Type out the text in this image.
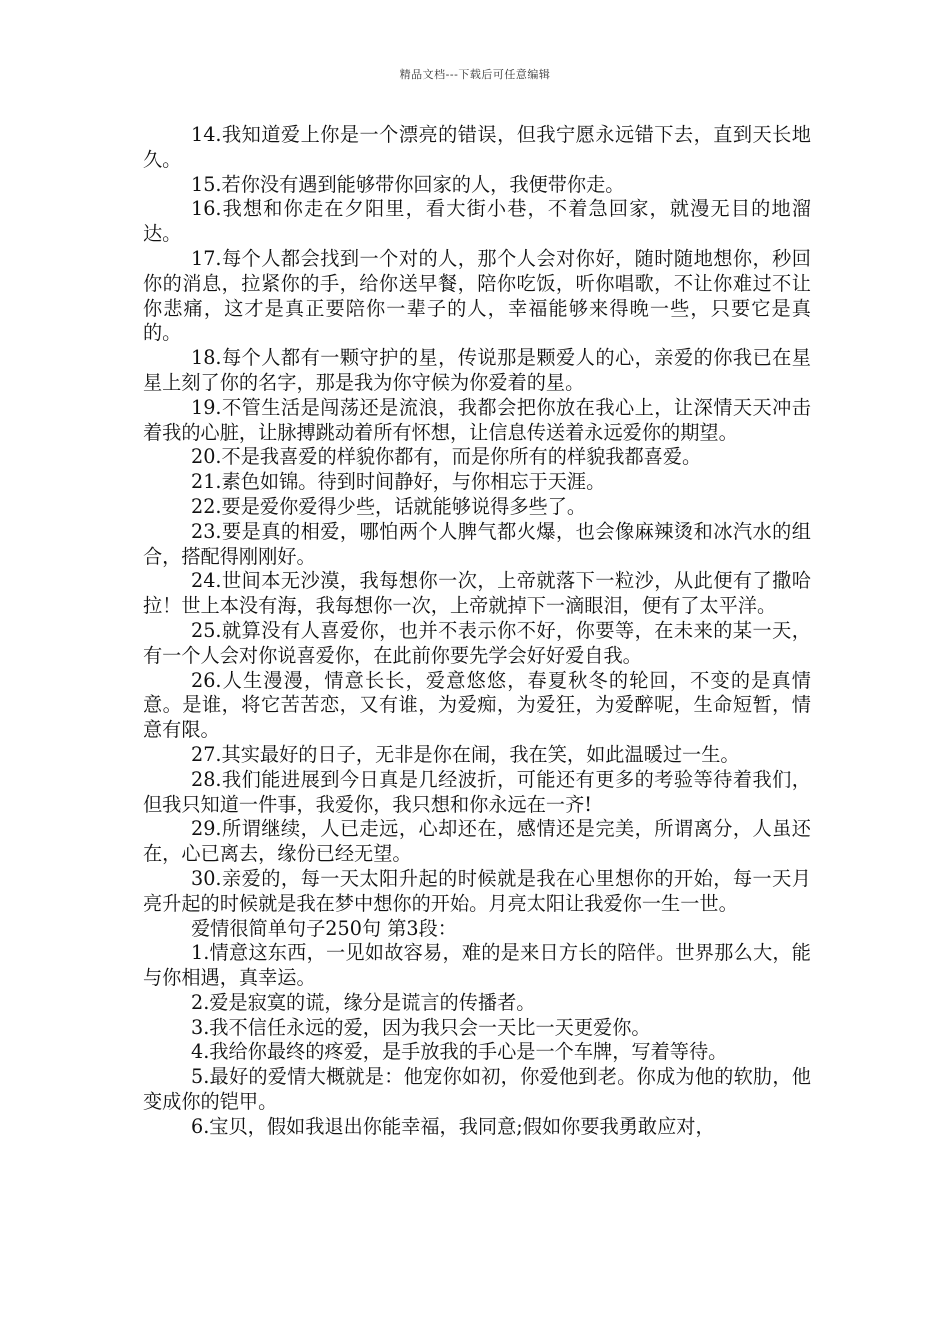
精品文档---下载后可任意编辑

14.我知道爱上你是一个漂亮的错误，但我宁愿永远错下去，直到天长地久。

15.若你没有遇到能够带你回家的人，我便带你走。

16.我想和你走在夕阳里，看大街小巷，不着急回家，就漫无目的地溜达。

17.每个人都会找到一个对的人，那个人会对你好，随时随地想你，秒回你的消息，拉紧你的手，给你送早餐，陪你吃饭，听你唱歌，不让你难过不让你悲痛，这才是真正要陪你一辈子的人，幸福能够来得晚一些，只要它是真的。

18.每个人都有一颗守护的星，传说那是颗爱人的心，亲爱的你我已在星星上刻了你的名字，那是我为你守候为你爱着的星。

19.不管生活是闯荡还是流浪，我都会把你放在我心上，让深情天天冲击着我的心脏，让脉搏跳动着所有怀想，让信息传送着永远爱你的期望。

20.不是我喜爱的样貌你都有，而是你所有的样貌我都喜爱。

21.素色如锦。待到时间静好，与你相忘于天涯。

22.要是爱你爱得少些，话就能够说得多些了。

23.要是真的相爱，哪怕两个人脾气都火爆，也会像麻辣烫和冰汽水的组合，搭配得刚刚好。

24.世间本无沙漠，我每想你一次，上帝就落下一粒沙，从此便有了撒哈拉！世上本没有海，我每想你一次，上帝就掉下一滴眼泪，便有了太平洋。

25.就算没有人喜爱你，也并不表示你不好，你要等，在未来的某一天，有一个人会对你说喜爱你，在此前你要先学会好好爱自我。

26.人生漫漫，情意长长，爱意悠悠，春夏秋冬的轮回，不变的是真情意。是谁，将它苦苦恋，又有谁，为爱痴，为爱狂，为爱醉呢，生命短暂，情意有限。

27.其实最好的日子，无非是你在闹，我在笑，如此温暖过一生。

28.我们能进展到今日真是几经波折，可能还有更多的考验等待着我们，但我只知道一件事，我爱你，我只想和你永远在一齐!

29.所谓继续，人已走远，心却还在，感情还是完美，所谓离分，人虽还在，心已离去，缘份已经无望。

30.亲爱的，每一天太阳升起的时候就是我在心里想你的开始，每一天月亮升起的时候就是我在梦中想你的开始。月亮太阳让我爱你一生一世。

爱情很简单句子250句 第3段：

1.情意这东西，一见如故容易，难的是来日方长的陪伴。世界那么大，能与你相遇，真幸运。

2.爱是寂寞的谎，缘分是谎言的传播者。

3.我不信任永远的爱，因为我只会一天比一天更爱你。

4.我给你最终的疼爱，是手放我的手心是一个车牌，写着等待。

5.最好的爱情大概就是：他宠你如初，你爱他到老。你成为他的软肋，他变成你的铠甲。

6.宝贝，假如我退出你能幸福，我同意;假如你要我勇敢应对，
